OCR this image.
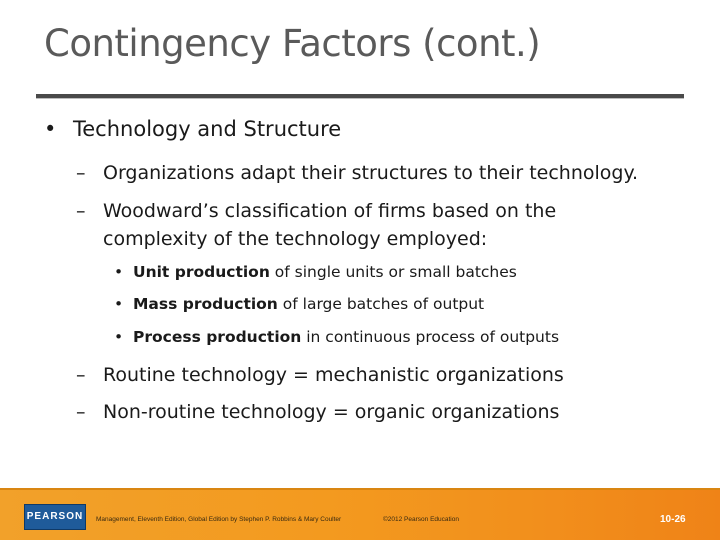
Contingency Factors (cont.)
• Technology and Structure
– Organizations adapt their structures to their technology.
– Woodward’s classification of firms based on the
complexity of the technology employed:
• Unit production of single units or small batches
• Mass production of large batches of output
• Process production in continuous process of outputs
– Routine technology = mechanistic organizations
– Non-routine technology = organic organizations
PEARSON Management, Eleventh Edition, Global Edition by Stephen P. Robbins & Mary Coulter	©2012 Pearson Education	10-26
